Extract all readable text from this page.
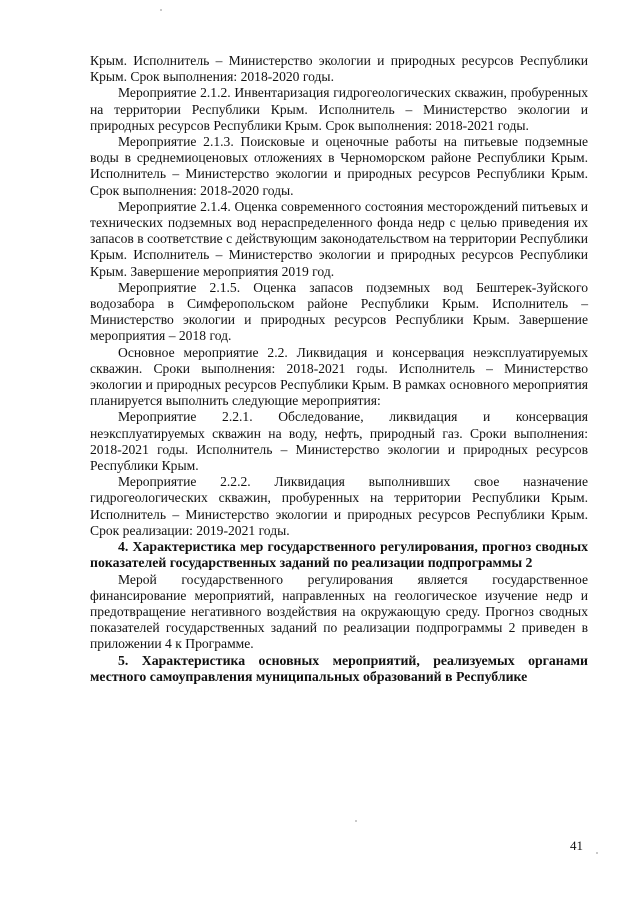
Крым. Исполнитель – Министерство экологии и природных ресурсов Республики Крым. Срок выполнения: 2018-2020 годы.

Мероприятие 2.1.2. Инвентаризация гидрогеологических скважин, пробуренных на территории Республики Крым. Исполнитель – Министерство экологии и природных ресурсов Республики Крым. Срок выполнения: 2018-2021 годы.

Мероприятие 2.1.3. Поисковые и оценочные работы на питьевые подземные воды в среднемиоценовых отложениях в Черноморском районе Республики Крым. Исполнитель – Министерство экологии и природных ресурсов Республики Крым. Срок выполнения: 2018-2020 годы.

Мероприятие 2.1.4. Оценка современного состояния месторождений питьевых и технических подземных вод нераспределенного фонда недр с целью приведения их запасов в соответствие с действующим законодательством на территории Республики Крым. Исполнитель – Министерство экологии и природных ресурсов Республики Крым. Завершение мероприятия 2019 год.

Мероприятие 2.1.5. Оценка запасов подземных вод Бештерек-Зуйского водозабора в Симферопольском районе Республики Крым. Исполнитель – Министерство экологии и природных ресурсов Республики Крым. Завершение мероприятия – 2018 год.

Основное мероприятие 2.2. Ликвидация и консервация неэксплуатируемых скважин. Сроки выполнения: 2018-2021 годы. Исполнитель – Министерство экологии и природных ресурсов Республики Крым. В рамках основного мероприятия планируется выполнить следующие мероприятия:

Мероприятие 2.2.1. Обследование, ликвидация и консервация неэксплуатируемых скважин на воду, нефть, природный газ. Сроки выполнения: 2018-2021 годы. Исполнитель – Министерство экологии и природных ресурсов Республики Крым.

Мероприятие 2.2.2. Ликвидация выполнивших свое назначение гидрогеологических скважин, пробуренных на территории Республики Крым. Исполнитель – Министерство экологии и природных ресурсов Республики Крым. Срок реализации: 2019-2021 годы.

4. Характеристика мер государственного регулирования, прогноз сводных показателей государственных заданий по реализации подпрограммы 2

Мерой государственного регулирования является государственное финансирование мероприятий, направленных на геологическое изучение недр и предотвращение негативного воздействия на окружающую среду. Прогноз сводных показателей государственных заданий по реализации подпрограммы 2 приведен в приложении 4 к Программе.

5. Характеристика основных мероприятий, реализуемых органами местного самоуправления муниципальных образований в Республике
41
